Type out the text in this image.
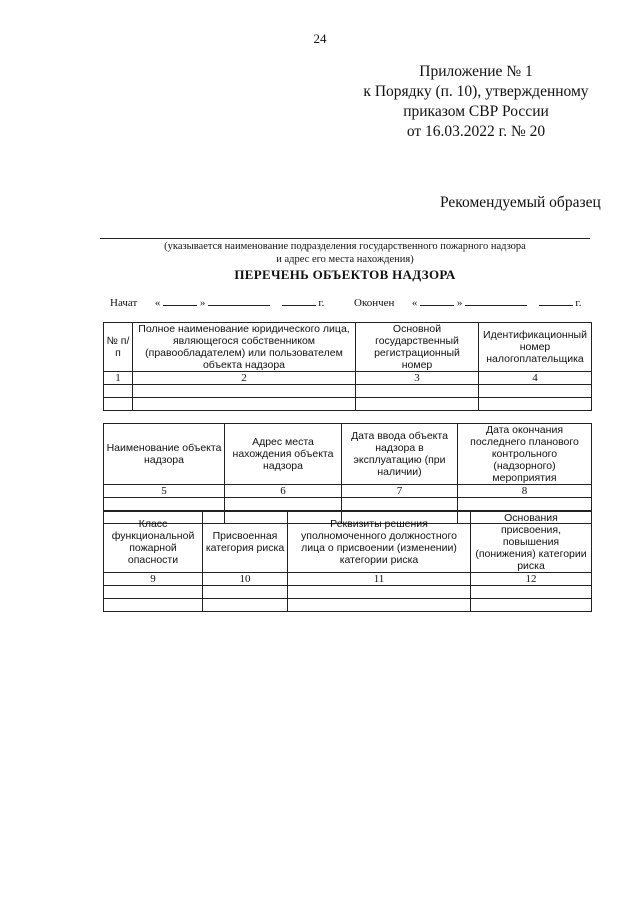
24
Приложение № 1
к Порядку (п. 10), утвержденному
приказом СВР России
от 16.03.2022 г. № 20
Рекомендуемый образец
(указывается наименование подразделения государственного пожарного надзора
и адрес его места нахождения)
ПЕРЕЧЕНЬ ОБЪЕКТОВ НАДЗОРА
Начат «	»	г.	Окончен «	»	г.
№ п/п	Полное наименование юридического лица, являющегося собственником (правообладателем) или пользователем объекта надзора	Основной государственный регистрационный номер	Идентификационный номер налогоплательщика
1	2	3	4

Наименование объекта надзора	Адрес места нахождения объекта надзора	Дата ввода объекта надзора в эксплуатацию (при наличии)	Дата окончания последнего планового контрольного (надзорного) мероприятия
5	6	7	8

Класс функциональной пожарной опасности	Присвоенная категория риска	Реквизиты решения уполномоченного должностного лица о присвоении (изменении) категории риска	Основания присвоения, повышения (понижения) категории риска
9	10	11	12
